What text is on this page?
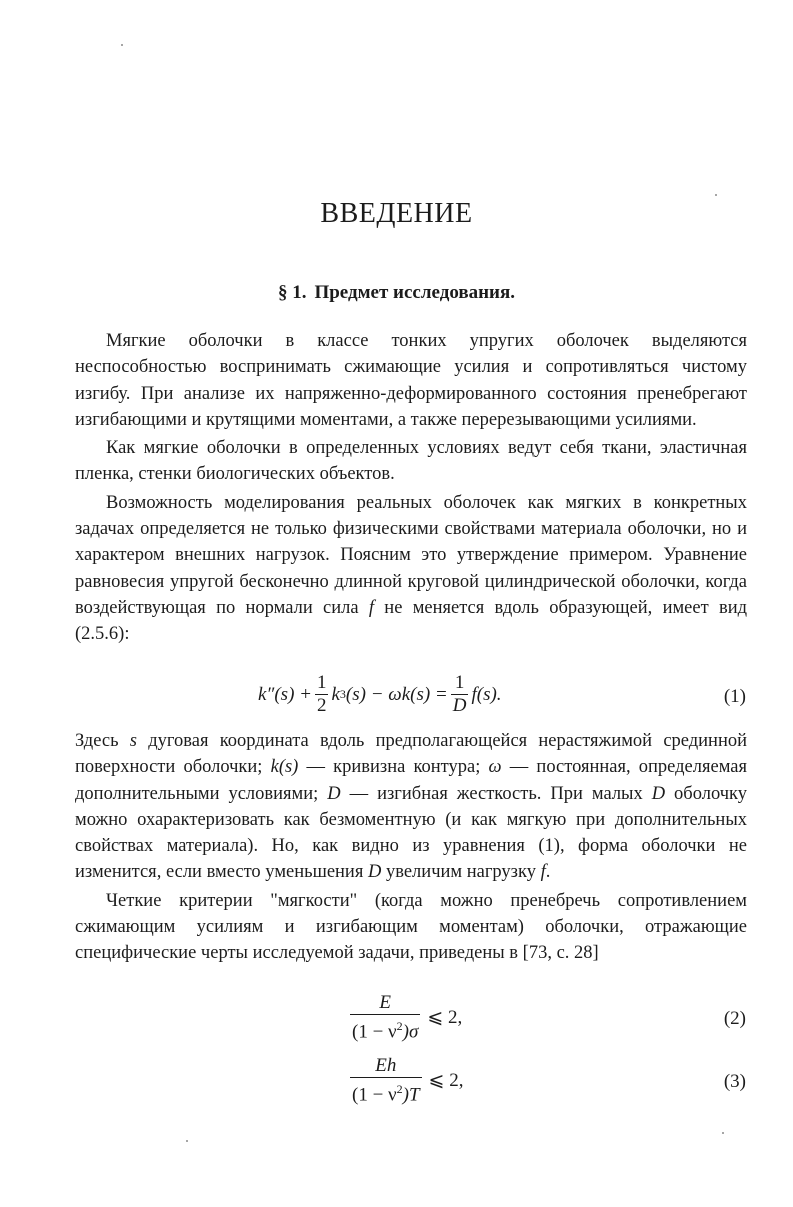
ВВЕДЕНИЕ
§ 1. Предмет исследования.

Мягкие оболочки в классе тонких упругих оболочек выделяются неспособностью воспринимать сжимающие усилия и сопротивляться чистому изгибу. При анализе их напряженно-деформированного состояния пренебрегают изгибающими и крутящими моментами, а также перерезывающими усилиями.

Как мягкие оболочки в определенных условиях ведут себя ткани, эластичная пленка, стенки биологических объектов.

Возможность моделирования реальных оболочек как мягких в конкретных задачах определяется не только физическими свойствами материала оболочки, но и характером внешних нагрузок. Поясним это утверждение примером. Уравнение равновесия упругой бесконечно длинной круговой цилиндрической оболочки, когда воздействующая по нормали сила f не меняется вдоль образующей, имеет вид (2.5.6):

$k''(s) + \frac{1}{2}$ k 3 $(s) - \omega k(s) = \frac{1}{D} f(s)$.	(1)

Здесь s дуговая координата вдоль предполагающейся нерастяжимой срединной поверхности оболочки; k(s) — кривизна контура; ω — постоянная, определяемая дополнительными условиями; D — изгибная жесткость. При малых D оболочку можно охарактеризовать как безмоментную (и как мягкую при дополнительных свойствах материала). Но, как видно из уравнения (1), форма оболочки не изменится, если вместо уменьшения D увеличим нагрузку f.

Четкие критерии "мягкости" (когда можно пренебречь сопротивлением сжимающим усилиям и изгибающим моментам) оболочки, отражающие специфические черты исследуемой задачи, приведены в [73, с. 28]

$\frac{E}{(1 - \nu^2)\sigma}$ ⩽ 2,	(2)
$\frac{Eh}{(1 - \nu^2)T}$ ⩽ 2,	(3)
